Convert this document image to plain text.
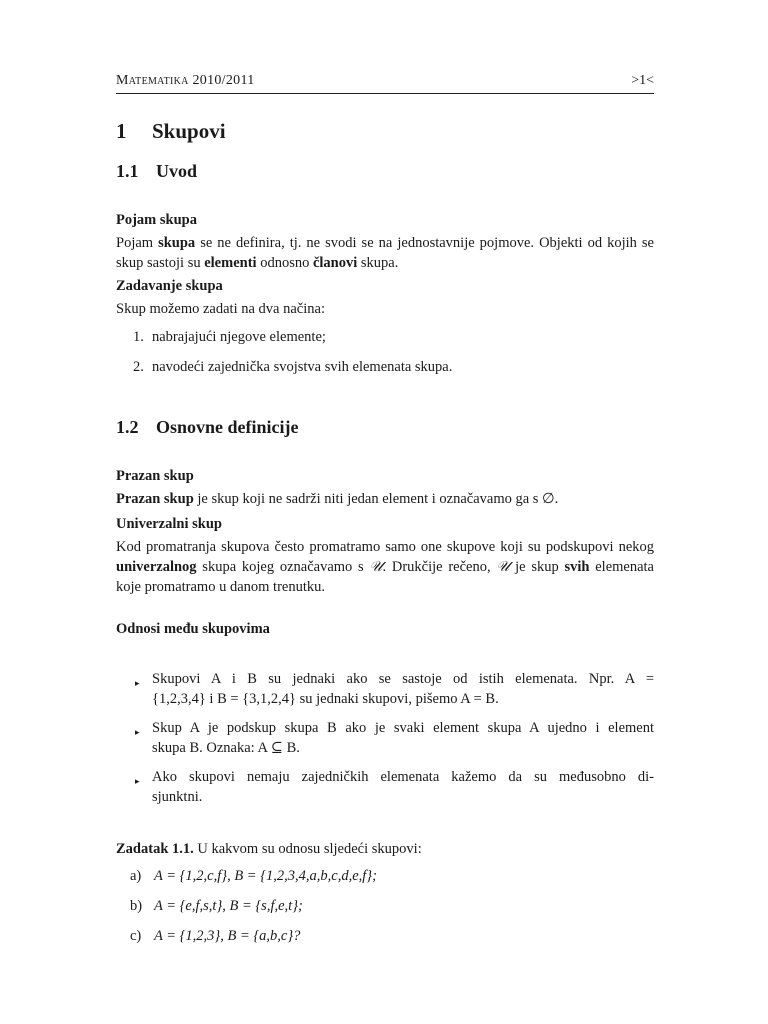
Matematika 2010/2011	>1<
1 Skupovi
1.1 Uvod
Pojam skupa
Pojam skupa se ne definira, tj. ne svodi se na jednostavnije pojmove. Objekti od kojih se skup sastoji su elementi odnosno članovi skupa.
Zadavanje skupa
Skup možemo zadati na dva načina:
1. nabrajajući njegove elemente;
2. navodeći zajednička svojstva svih elemenata skupa.
1.2 Osnovne definicije
Prazan skup
Prazan skup je skup koji ne sadrži niti jedan element i označavamo ga s ∅.
Univerzalni skup
Kod promatranja skupova često promatramo samo one skupove koji su podskupovi nekog univerzalnog skupa kojeg označavamo s 𝒰. Drukčije rečeno, 𝒰 je skup svih elemenata koje promatramo u danom trenutku.
Odnosi među skupovima
▸ Skupovi A i B su jednaki ako se sastoje od istih elemenata. Npr. A =
{1,2,3,4} i B = {3,1,2,4} su jednaki skupovi, pišemo A = B.
▸ Skup A je podskup skupa B ako je svaki element skupa A ujedno i element
skupa B. Oznaka: A ⊆ B.
▸ Ako skupovi nemaju zajedničkih elemenata kažemo da su međusobno di-
sjunktni.
Zadatak 1.1. U kakvom su odnosu sljedeći skupovi:
a) A = {1,2,c,f}, B = {1,2,3,4,a,b,c,d,e,f};
b) A = {e,f,s,t}, B = {s,f,e,t};
c) A = {1,2,3}, B = {a,b,c}?
